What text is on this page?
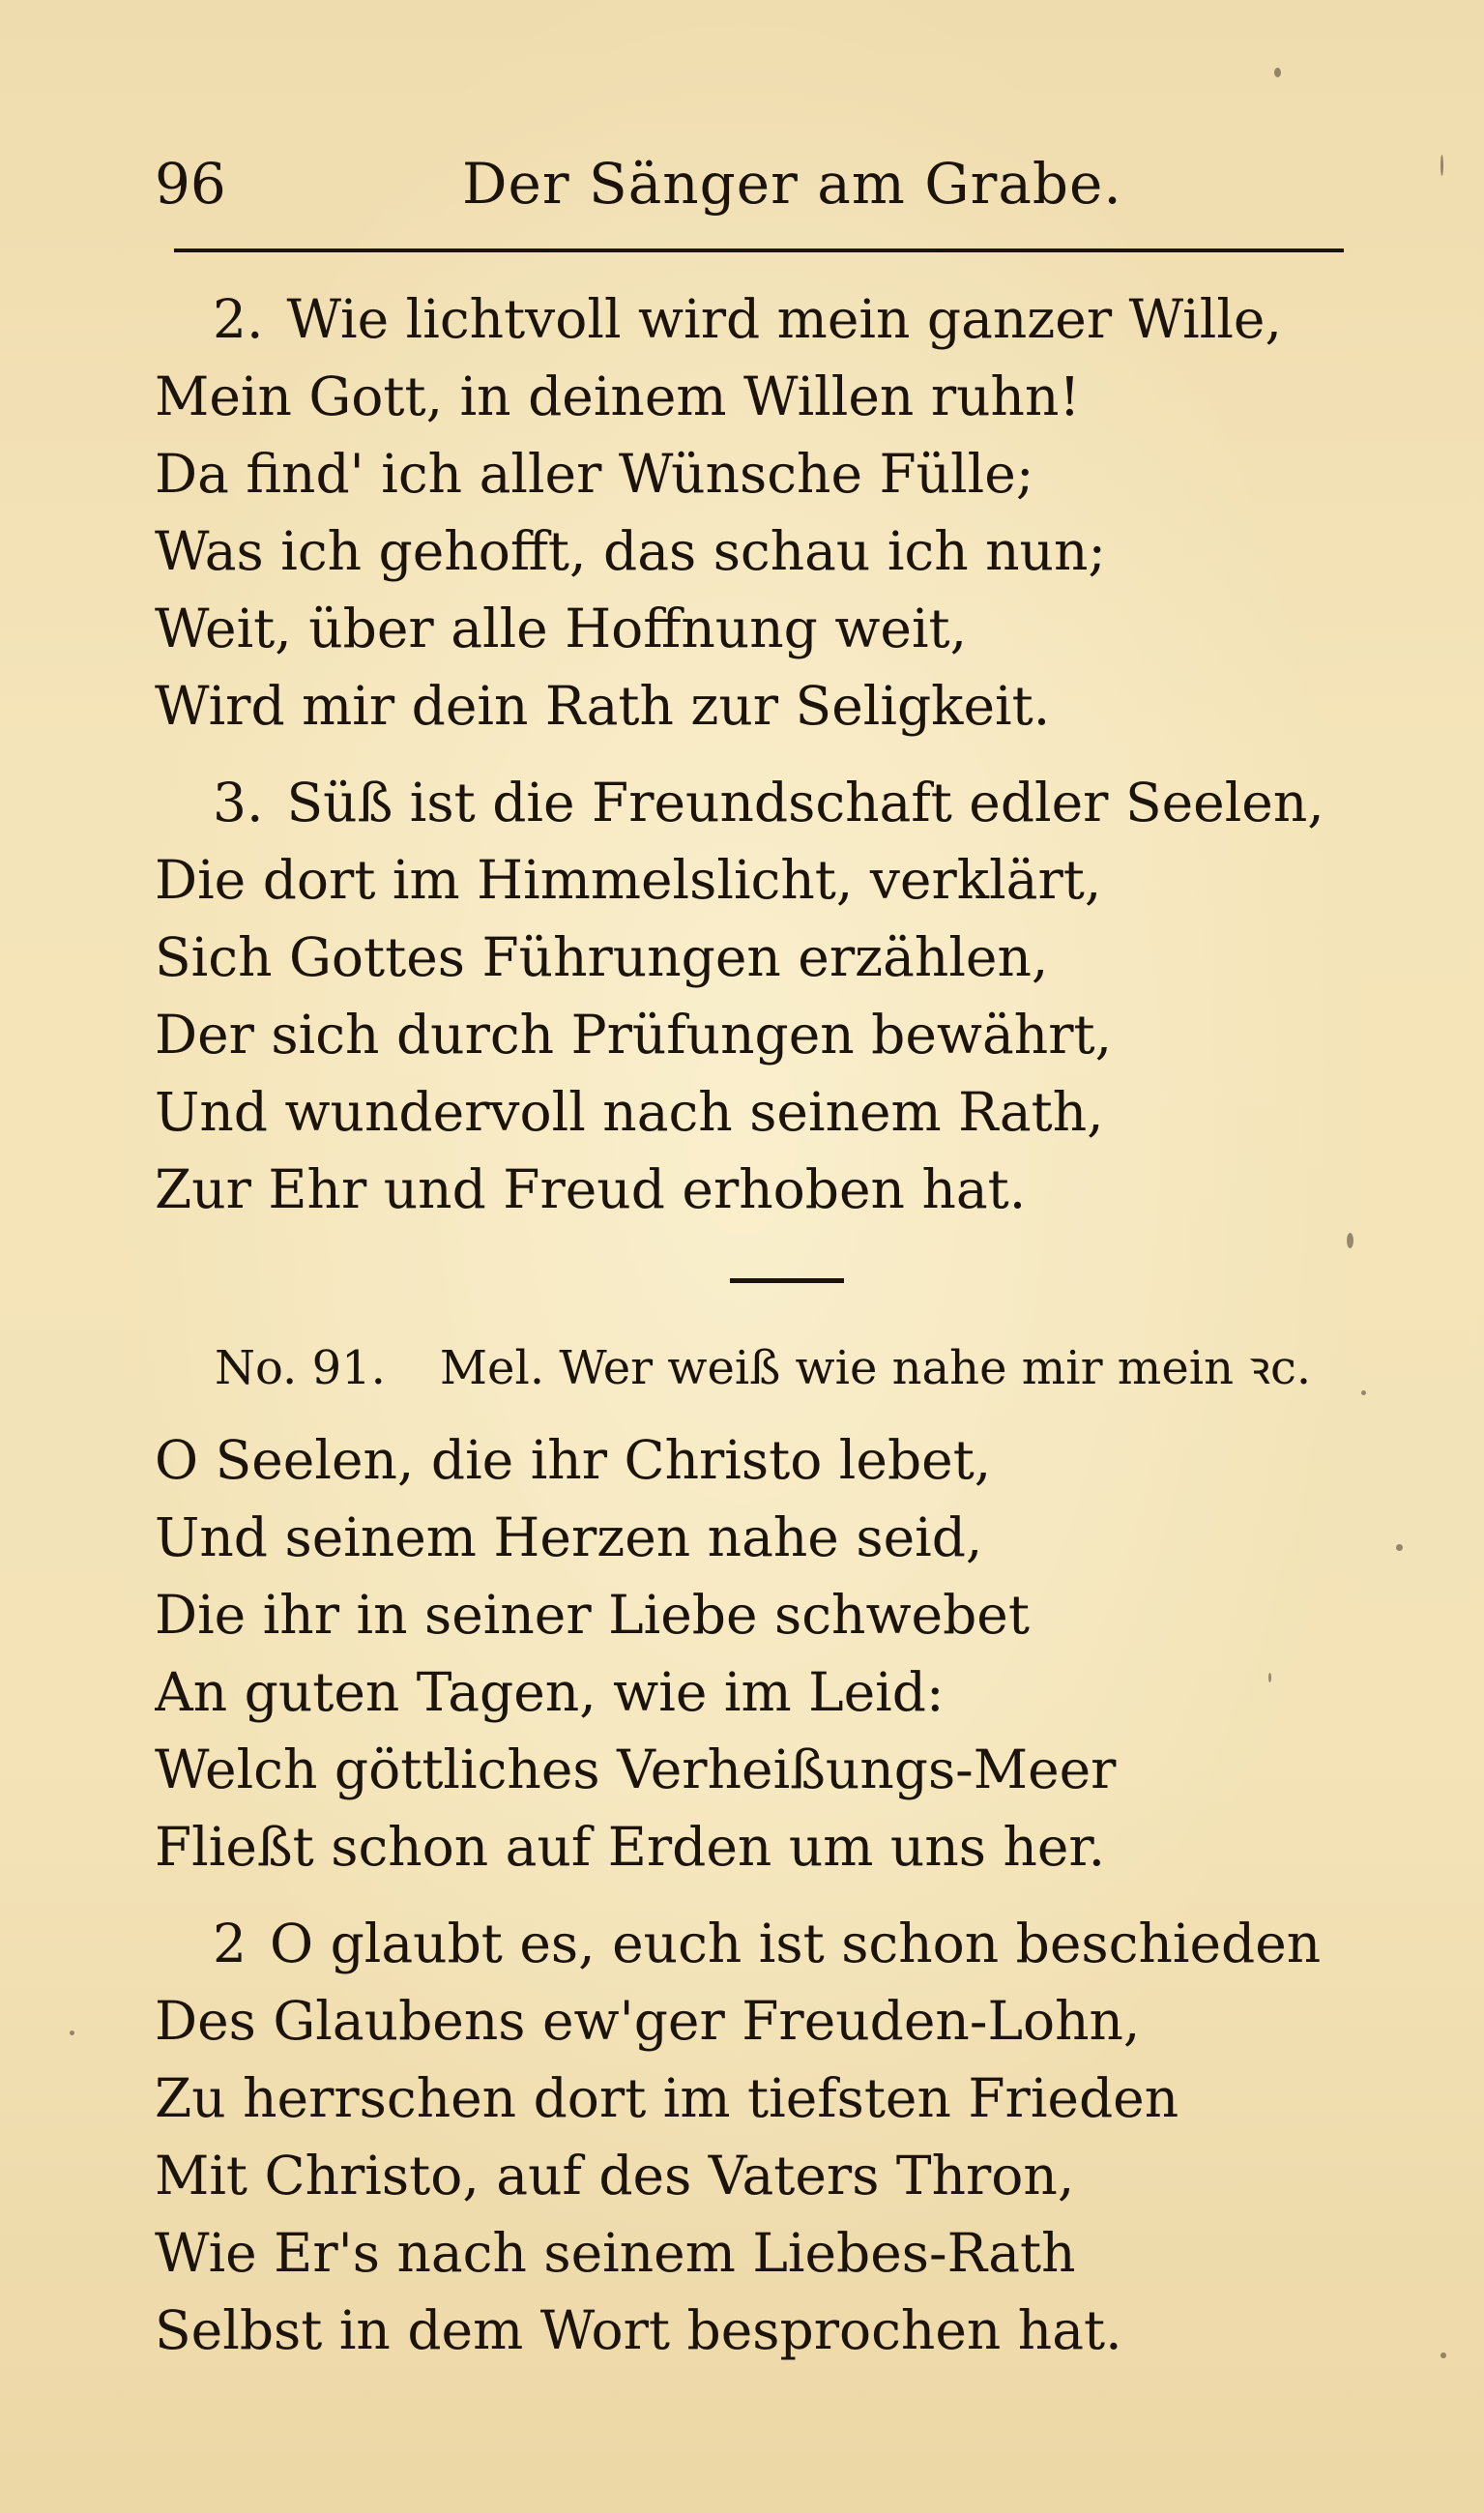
96	Der Sänger am Grabe.
2. Wie lichtvoll wird mein ganzer Wille,
Mein Gott, in deinem Willen ruhn!
Da find' ich aller Wünsche Fülle;
Was ich gehofft, das schau ich nun;
Weit, über alle Hoffnung weit,
Wird mir dein Rath zur Seligkeit.
3. Süß ist die Freundschaft edler Seelen,
Die dort im Himmelslicht, verklärt,
Sich Gottes Führungen erzählen,
Der sich durch Prüfungen bewährt,
Und wundervoll nach seinem Rath,
Zur Ehr und Freud erhoben hat.
No. 91. Mel. Wer weiß wie nahe mir mein ꝛc.
O Seelen, die ihr Christo lebet,
Und seinem Herzen nahe seid,
Die ihr in seiner Liebe schwebet
An guten Tagen, wie im Leid:
Welch göttliches Verheißungs-Meer
Fließt schon auf Erden um uns her.
2 O glaubt es, euch ist schon beschieden
Des Glaubens ew'ger Freuden-Lohn,
Zu herrschen dort im tiefsten Frieden
Mit Christo, auf des Vaters Thron,
Wie Er's nach seinem Liebes-Rath
Selbst in dem Wort besprochen hat.
